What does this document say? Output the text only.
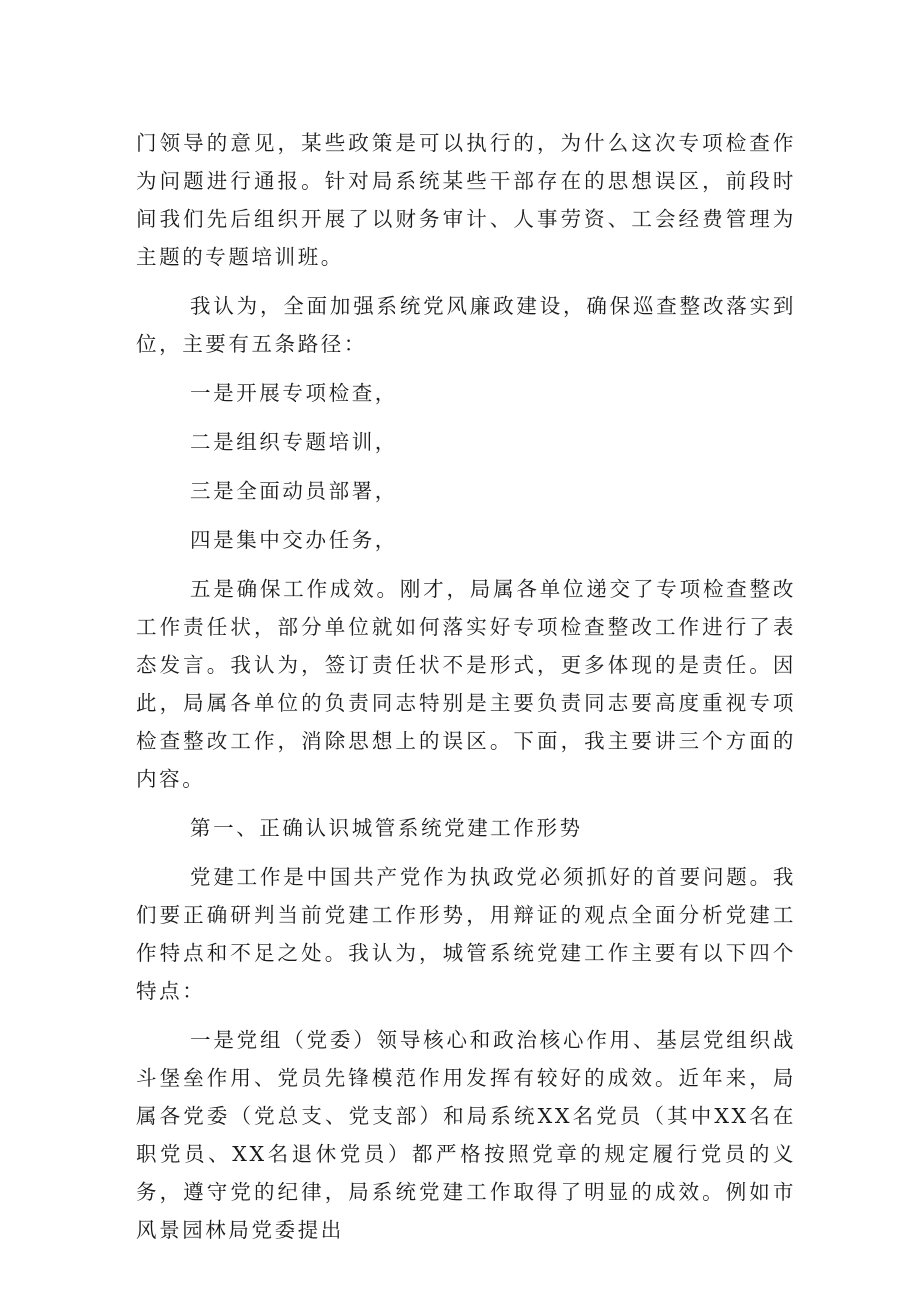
门领导的意见，某些政策是可以执行的，为什么这次专项检查作为问题进行通报。针对局系统某些干部存在的思想误区，前段时间我们先后组织开展了以财务审计、人事劳资、工会经费管理为主题的专题培训班。

我认为，全面加强系统党风廉政建设，确保巡查整改落实到位，主要有五条路径：

一是开展专项检查，

二是组织专题培训，

三是全面动员部署，

四是集中交办任务，

五是确保工作成效。刚才，局属各单位递交了专项检查整改工作责任状，部分单位就如何落实好专项检查整改工作进行了表态发言。我认为，签订责任状不是形式，更多体现的是责任。因此，局属各单位的负责同志特别是主要负责同志要高度重视专项检查整改工作，消除思想上的误区。下面，我主要讲三个方面的内容。

第一、正确认识城管系统党建工作形势

党建工作是中国共产党作为执政党必须抓好的首要问题。我们要正确研判当前党建工作形势，用辩证的观点全面分析党建工作特点和不足之处。我认为，城管系统党建工作主要有以下四个特点：

一是党组（党委）领导核心和政治核心作用、基层党组织战斗堡垒作用、党员先锋模范作用发挥有较好的成效。近年来，局属各党委（党总支、党支部）和局系统XX名党员（其中XX名在职党员、XX名退休党员）都严格按照党章的规定履行党员的义务，遵守党的纪律，局系统党建工作取得了明显的成效。例如市风景园林局党委提出
